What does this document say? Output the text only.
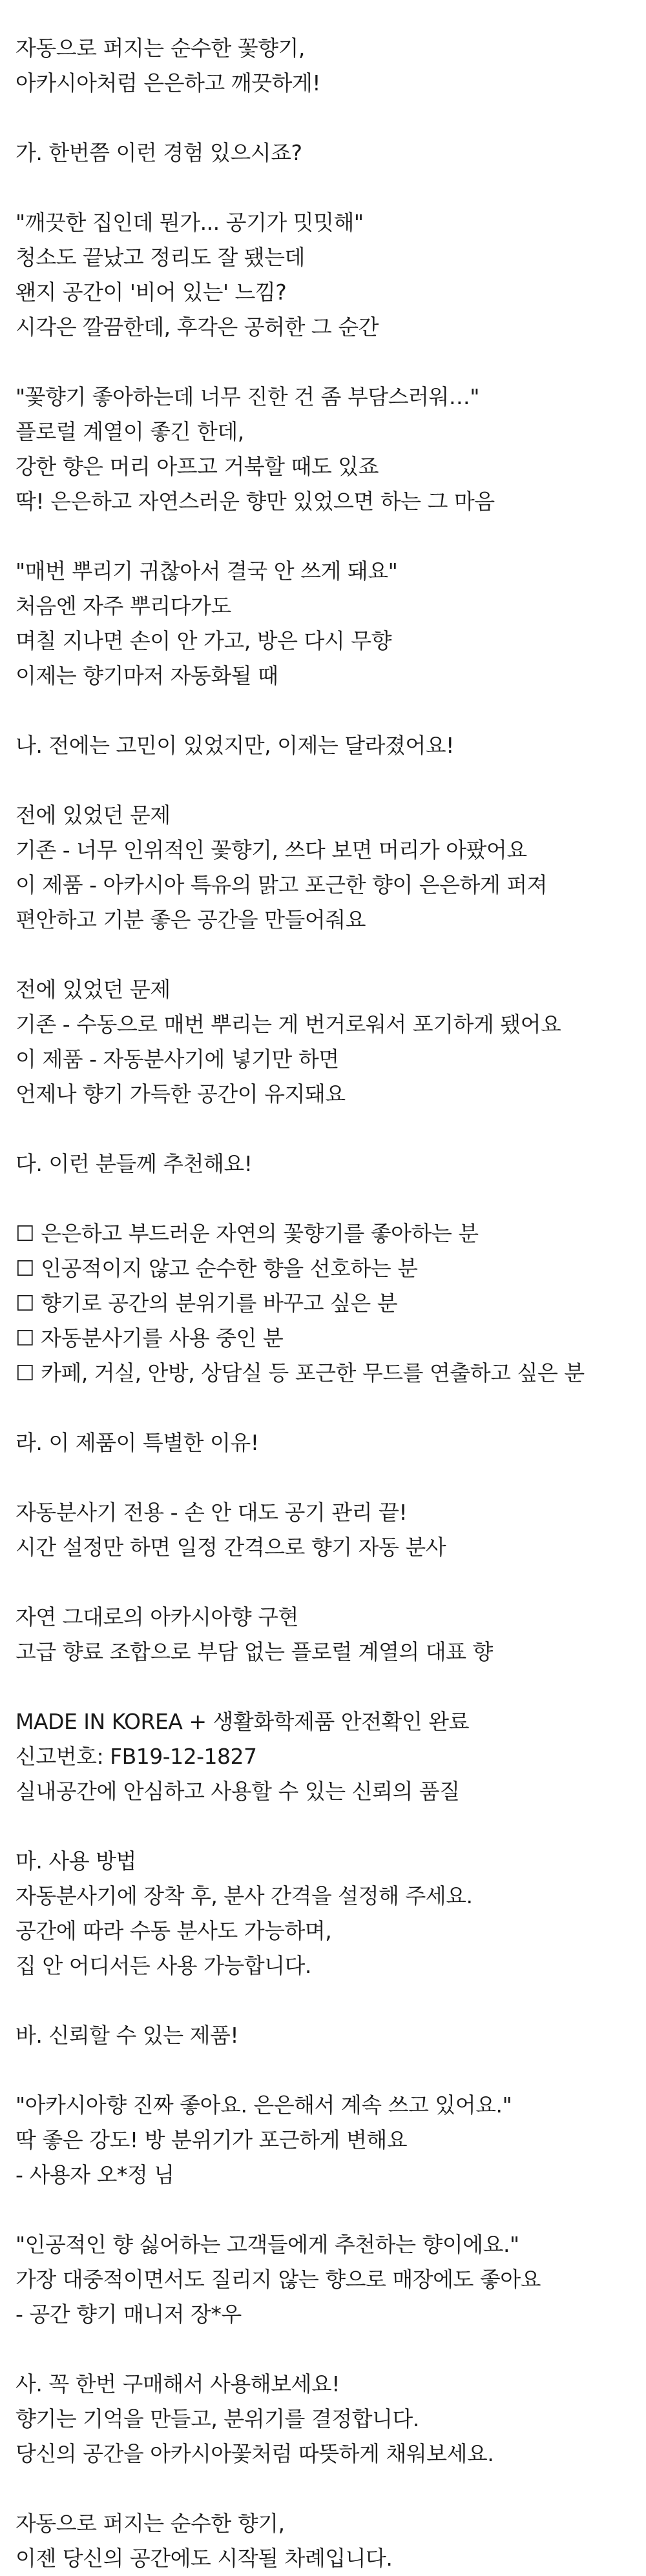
자동으로 퍼지는 순수한 꽃향기,
아카시아처럼 은은하고 깨끗하게!
가. 한번쯤 이런 경험 있으시죠?
"깨끗한 집인데 뭔가... 공기가 밋밋해"
청소도 끝났고 정리도 잘 됐는데
왠지 공간이 '비어 있는' 느낌?
시각은 깔끔한데, 후각은 공허한 그 순간
"꽃향기 좋아하는데 너무 진한 건 좀 부담스러워…"
플로럴 계열이 좋긴 한데,
강한 향은 머리 아프고 거북할 때도 있죠
딱! 은은하고 자연스러운 향만 있었으면 하는 그 마음
"매번 뿌리기 귀찮아서 결국 안 쓰게 돼요"
처음엔 자주 뿌리다가도
며칠 지나면 손이 안 가고, 방은 다시 무향
이제는 향기마저 자동화될 때
나. 전에는 고민이 있었지만, 이제는 달라졌어요!
전에 있었던 문제
기존 - 너무 인위적인 꽃향기, 쓰다 보면 머리가 아팠어요
이 제품 - 아카시아 특유의 맑고 포근한 향이 은은하게 퍼져
편안하고 기분 좋은 공간을 만들어줘요
전에 있었던 문제
기존 - 수동으로 매번 뿌리는 게 번거로워서 포기하게 됐어요
이 제품 - 자동분사기에 넣기만 하면
언제나 향기 가득한 공간이 유지돼요
다. 이런 분들께 추천해요!
☐ 은은하고 부드러운 자연의 꽃향기를 좋아하는 분
☐ 인공적이지 않고 순수한 향을 선호하는 분
☐ 향기로 공간의 분위기를 바꾸고 싶은 분
☐ 자동분사기를 사용 중인 분
☐ 카페, 거실, 안방, 상담실 등 포근한 무드를 연출하고 싶은 분
라. 이 제품이 특별한 이유!
자동분사기 전용 - 손 안 대도 공기 관리 끝!
시간 설정만 하면 일정 간격으로 향기 자동 분사
자연 그대로의 아카시아향 구현
고급 향료 조합으로 부담 없는 플로럴 계열의 대표 향
MADE IN KOREA + 생활화학제품 안전확인 완료
신고번호: FB19-12-1827
실내공간에 안심하고 사용할 수 있는 신뢰의 품질
마. 사용 방법
자동분사기에 장착 후, 분사 간격을 설정해 주세요.
공간에 따라 수동 분사도 가능하며,
집 안 어디서든 사용 가능합니다.
바. 신뢰할 수 있는 제품!
"아카시아향 진짜 좋아요. 은은해서 계속 쓰고 있어요."
딱 좋은 강도! 방 분위기가 포근하게 변해요
- 사용자 오*정 님
"인공적인 향 싫어하는 고객들에게 추천하는 향이에요."
가장 대중적이면서도 질리지 않는 향으로 매장에도 좋아요
- 공간 향기 매니저 장*우
사. 꼭 한번 구매해서 사용해보세요!
향기는 기억을 만들고, 분위기를 결정합니다.
당신의 공간을 아카시아꽃처럼 따뜻하게 채워보세요.
자동으로 퍼지는 순수한 향기,
이젠 당신의 공간에도 시작될 차례입니다.
